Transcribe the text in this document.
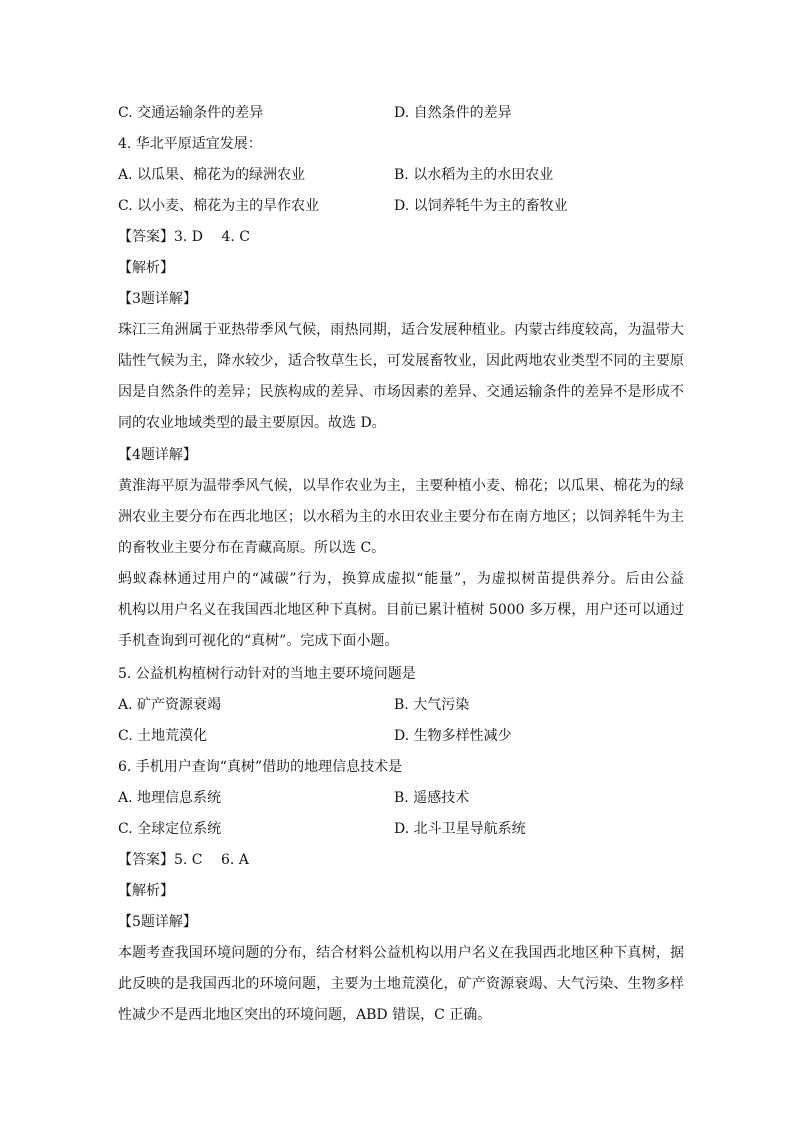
C. 交通运输条件的差异	D. 自然条件的差异
4. 华北平原适宜发展：
A. 以瓜果、棉花为的绿洲农业	B. 以水稻为主的水田农业
C. 以小麦、棉花为主的旱作农业	D. 以饲养牦牛为主的畜牧业
【答案】3. D　 4. C
【解析】
【3题详解】
珠江三角洲属于亚热带季风气候，雨热同期，适合发展种植业。内蒙古纬度较高，为温带大
陆性气候为主，降水较少，适合牧草生长，可发展畜牧业，因此两地农业类型不同的主要原
因是自然条件的差异；民族构成的差异、市场因素的差异、交通运输条件的差异不是形成不
同的农业地域类型的最主要原因。故选 D。
【4题详解】
黄淮海平原为温带季风气候，以旱作农业为主，主要种植小麦、棉花；以瓜果、棉花为的绿
洲农业主要分布在西北地区；以水稻为主的水田农业主要分布在南方地区；以饲养牦牛为主
的畜牧业主要分布在青藏高原。所以选 C。
蚂蚁森林通过用户的“减碳”行为，换算成虚拟“能量”，为虚拟树苗提供养分。后由公益
机构以用户名义在我国西北地区种下真树。目前已累计植树 5000 多万棵，用户还可以通过
手机查询到可视化的“真树”。完成下面小题。
5. 公益机构植树行动针对的当地主要环境问题是
A. 矿产资源衰竭	B. 大气污染
C. 土地荒漠化	D. 生物多样性减少
6. 手机用户查询“真树”借助的地理信息技术是
A. 地理信息系统	B. 遥感技术
C. 全球定位系统	D. 北斗卫星导航系统
【答案】5. C　 6. A
【解析】
【5题详解】
本题考查我国环境问题的分布，结合材料公益机构以用户名义在我国西北地区种下真树，据
此反映的是我国西北的环境问题，主要为土地荒漠化，矿产资源衰竭、大气污染、生物多样
性减少不是西北地区突出的环境问题，ABD 错误，C 正确。
